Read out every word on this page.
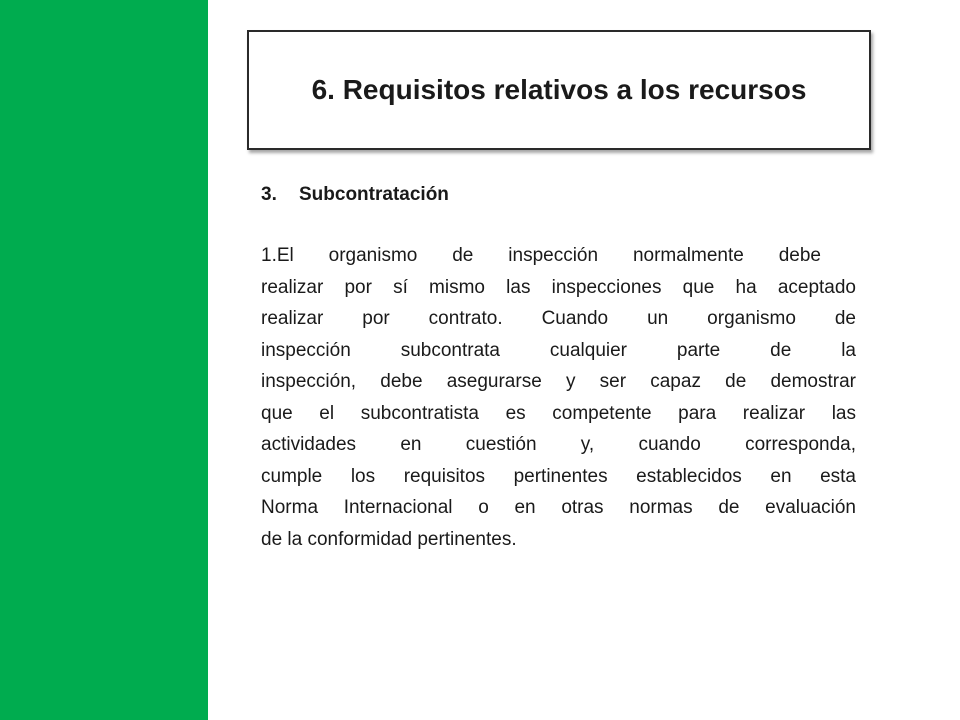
6. Requisitos relativos a los recursos

3. Subcontratación

1.El organismo de inspección normalmente debe
realizar por sí mismo las inspecciones que ha aceptado
realizar por contrato. Cuando un organismo de
inspección subcontrata cualquier parte de la
inspección, debe asegurarse y ser capaz de demostrar
que el subcontratista es competente para realizar las
actividades en cuestión y, cuando corresponda,
cumple los requisitos pertinentes establecidos en esta
Norma Internacional o en otras normas de evaluación
de la conformidad pertinentes.
